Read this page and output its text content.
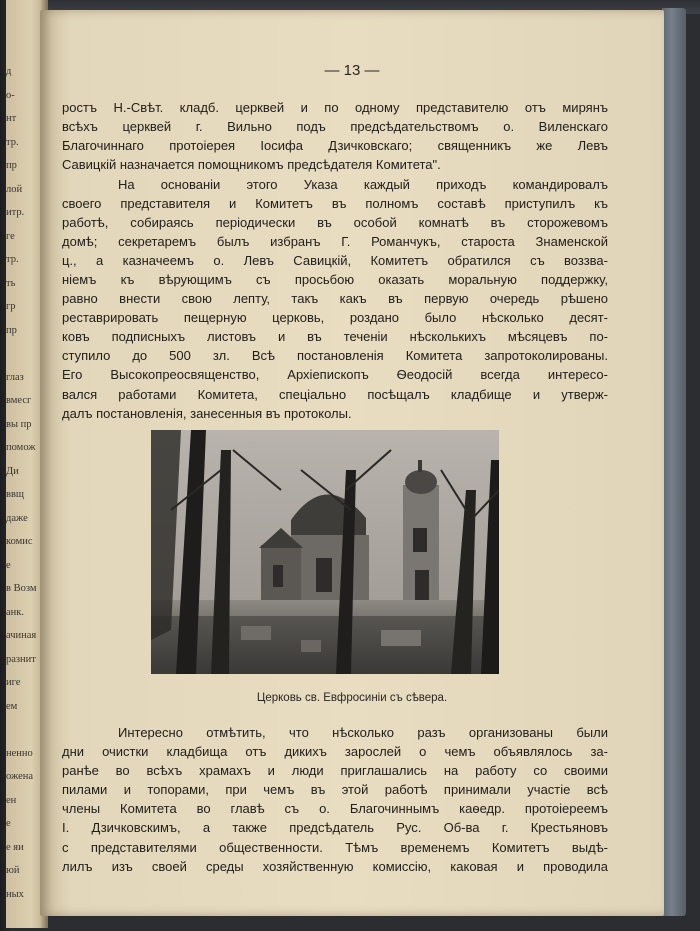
д
о-
нт
тр.
пр
лой
итр.
ге
тр.
ть
гр
пр
глаз
вмесг
вы пр
помож
Ди
ввщ
даже
комис
е
в Возм
анк.
ачиная
разнит
иге
ем
ненно
ожена
ен
е
е яи
юй
ных
— 13 —
ростъ Н.-Свѣт. кладб. церквей и по одному представителю отъ мирянъ
всѣхъ церквей г. Вильно подъ предсѣдательствомъ о. Виленскаго
Благочиннаго протоіерея Іосифа Дзичковскаго; священникъ же Левъ
Савицкій назначается помощникомъ предсѣдателя Комитета".
На основаніи этого Указа каждый приходъ командировалъ
своего представителя и Комитетъ въ полномъ составѣ приступилъ къ
работѣ, собираясь періодически въ особой комнатѣ въ сторожевомъ
домѣ; секретаремъ былъ избранъ Г. Романчукъ, староста Знаменской
ц., а казначеемъ о. Левъ Савицкій, Комитетъ обратился съ воззва-
ніемъ къ вѣрующимъ съ просьбою оказать моральную поддержку,
равно внести свою лепту, такъ какъ въ первую очередь рѣшено
реставрировать пещерную церковь, роздано было нѣсколько десят-
ковъ подписныхъ листовъ и въ теченіи нѣсколькихъ мѣсяцевъ по-
ступило до 500 зл. Всѣ постановленія Комитета запротоколированы.
Его Высокопреосвященство, Архіепископъ Ѳеодосій всегда интересо-
вался работами Комитета, спеціально посѣщалъ кладбище и утверж-
далъ постановленія, занесенныя въ протоколы.
Церковь св. Евфросиніи съ сѣвера.
Интересно отмѣтить, что нѣсколько разъ организованы были
дни очистки кладбища отъ дикихъ зарослей о чемъ объявлялось за-
ранѣе во всѣхъ храмахъ и люди приглашались на работу со своими
пилами и топорами, при чемъ въ этой работѣ принимали участіе всѣ
члены Комитета во главѣ съ о. Благочиннымъ каѳедр. протоіереемъ
І. Дзичковскимъ, а также предсѣдатель Рус. Об-ва г. Крестьяновъ
с представителями общественности. Тѣмъ временемъ Комитетъ выдѣ-
лилъ изъ своей среды хозяйственную комиссію, каковая и проводила
